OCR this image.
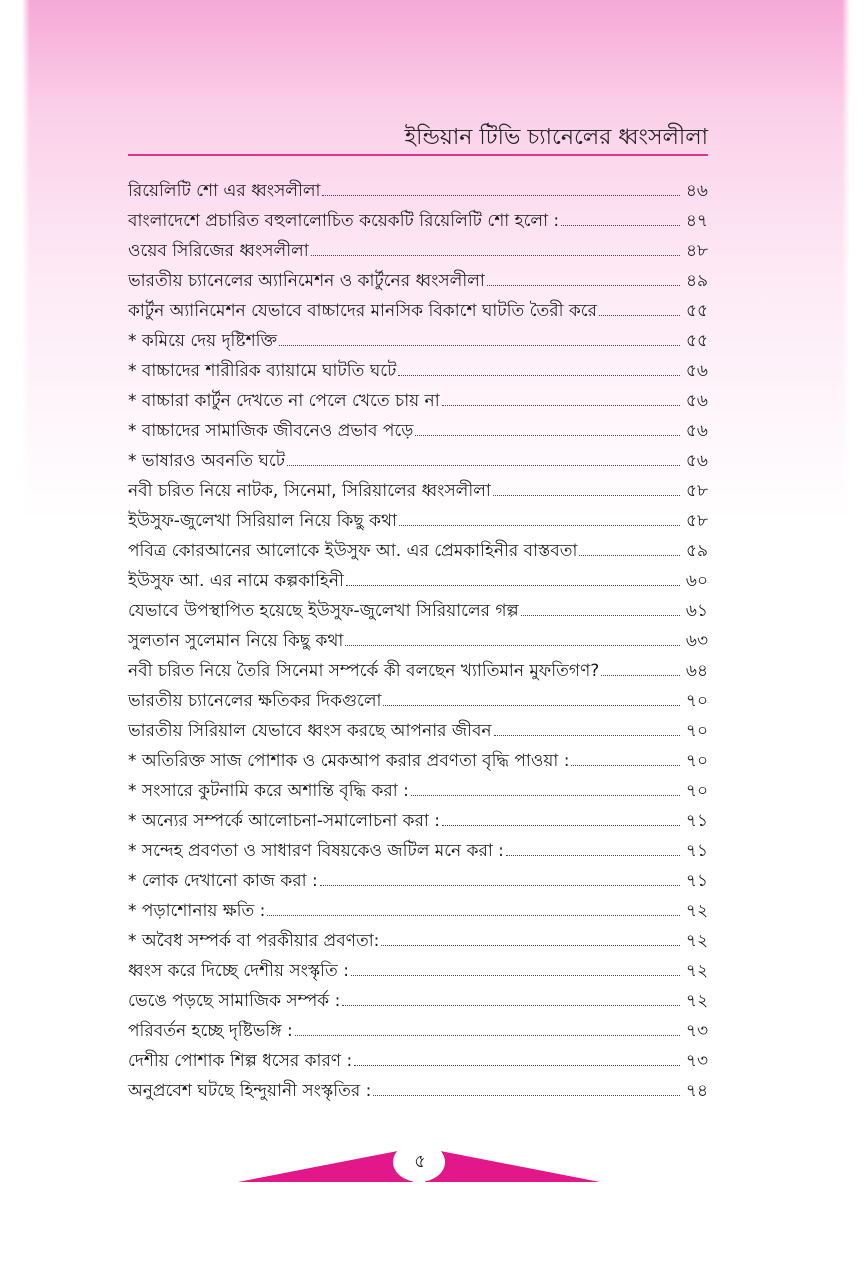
ইন্ডিয়ান টিভি চ্যানেলের ধ্বংসলীলা
রিয়েলিটি শো এর ধ্বংসলীলা	৪৬
বাংলাদেশে প্রচারিত বহুলালোচিত কয়েকটি রিয়েলিটি শো হলো :	৪৭
ওয়েব সিরিজের ধ্বংসলীলা	৪৮
ভারতীয় চ্যানেলের অ্যানিমেশন ও কার্টুনের ধ্বংসলীলা	৪৯
কার্টুন অ্যানিমেশন যেভাবে বাচ্চাদের মানসিক বিকাশে ঘাটতি তৈরী করে	৫৫
* কমিয়ে দেয় দৃষ্টিশক্তি	৫৫
* বাচ্চাদের শারীরিক ব্যায়ামে ঘাটতি ঘটে	৫৬
* বাচ্চারা কার্টুন দেখতে না পেলে খেতে চায় না	৫৬
* বাচ্চাদের সামাজিক জীবনেও প্রভাব পড়ে	৫৬
* ভাষারও অবনতি ঘটে	৫৬
নবী চরিত নিয়ে নাটক, সিনেমা, সিরিয়ালের ধ্বংসলীলা	৫৮
ইউসুফ-জুলেখা সিরিয়াল নিয়ে কিছু কথা	৫৮
পবিত্র কোরআনের আলোকে ইউসুফ আ. এর প্রেমকাহিনীর বাস্তবতা	৫৯
ইউসুফ আ. এর নামে কল্পকাহিনী	৬০
যেভাবে উপস্থাপিত হয়েছে ইউসুফ-জুলেখা সিরিয়ালের গল্প	৬১
সুলতান সুলেমান নিয়ে কিছু কথা	৬৩
নবী চরিত নিয়ে তৈরি সিনেমা সম্পর্কে কী বলছেন খ্যাতিমান মুফতিগণ?	৬৪
ভারতীয় চ্যানেলের ক্ষতিকর দিকগুলো	৭০
ভারতীয় সিরিয়াল যেভাবে ধ্বংস করছে আপনার জীবন	৭০
* অতিরিক্ত সাজ পোশাক ও মেকআপ করার প্রবণতা বৃদ্ধি পাওয়া :	৭০
* সংসারে কুটনামি করে অশান্তি বৃদ্ধি করা :	৭০
* অন্যের সম্পর্কে আলোচনা-সমালোচনা করা :	৭১
* সন্দেহ প্রবণতা ও সাধারণ বিষয়কেও জটিল মনে করা :	৭১
* লোক দেখানো কাজ করা :	৭১
* পড়াশোনায় ক্ষতি :	৭২
* অবৈধ সম্পর্ক বা পরকীয়ার প্রবণতা:	৭২
ধ্বংস করে দিচ্ছে দেশীয় সংস্কৃতি :	৭২
ভেঙে পড়ছে সামাজিক সম্পর্ক :	৭২
পরিবর্তন হচ্ছে দৃষ্টিভঙ্গি :	৭৩
দেশীয় পোশাক শিল্প ধসের কারণ :	৭৩
অনুপ্রবেশ ঘটছে হিন্দুয়ানী সংস্কৃতির :	৭৪
৫
